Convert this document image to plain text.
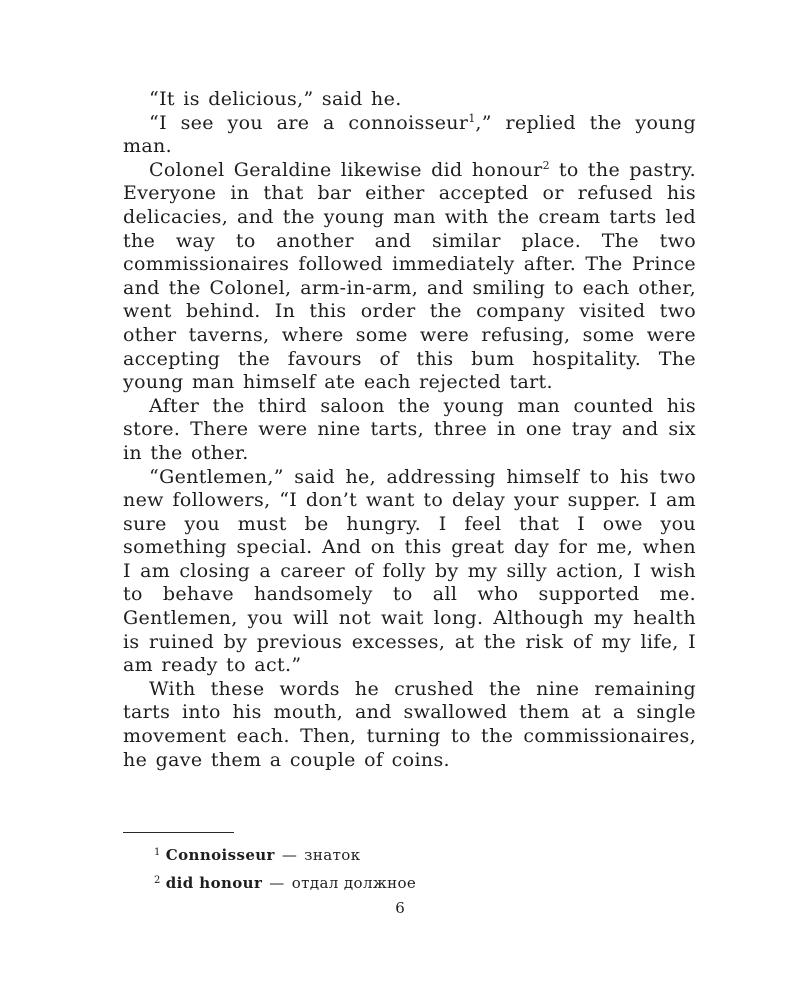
“It is delicious,” said he.

“I see you are a connoisseur$^1$,” replied the young man.

Colonel Geraldine likewise did honour$^2$ to the pastry. Everyone in that bar either accepted or refused his delicacies, and the young man with the cream tarts led the way to another and similar place. The two commissionaires followed immediately after. The Prince and the Colonel, arm-in-arm, and smiling to each other, went behind. In this order the company visited two other taverns, where some were refusing, some were accepting the favours of this bum hospitality. The young man himself ate each rejected tart.

After the third saloon the young man counted his store. There were nine tarts, three in one tray and six in the other.

“Gentlemen,” said he, addressing himself to his two new followers, “I don’t want to delay your supper. I am sure you must be hungry. I feel that I owe you something special. And on this great day for me, when I am closing a career of folly by my silly action, I wish to behave handsomely to all who supported me. Gentlemen, you will not wait long. Although my health is ruined by previous excesses, at the risk of my life, I am ready to act.”

With these words he crushed the nine remaining tarts into his mouth, and swallowed them at a single movement each. Then, turning to the commissionaires, he gave them a couple of coins.

$^1$ Connoisseur — знаток

$^2$ did honour — отдал должное

6
